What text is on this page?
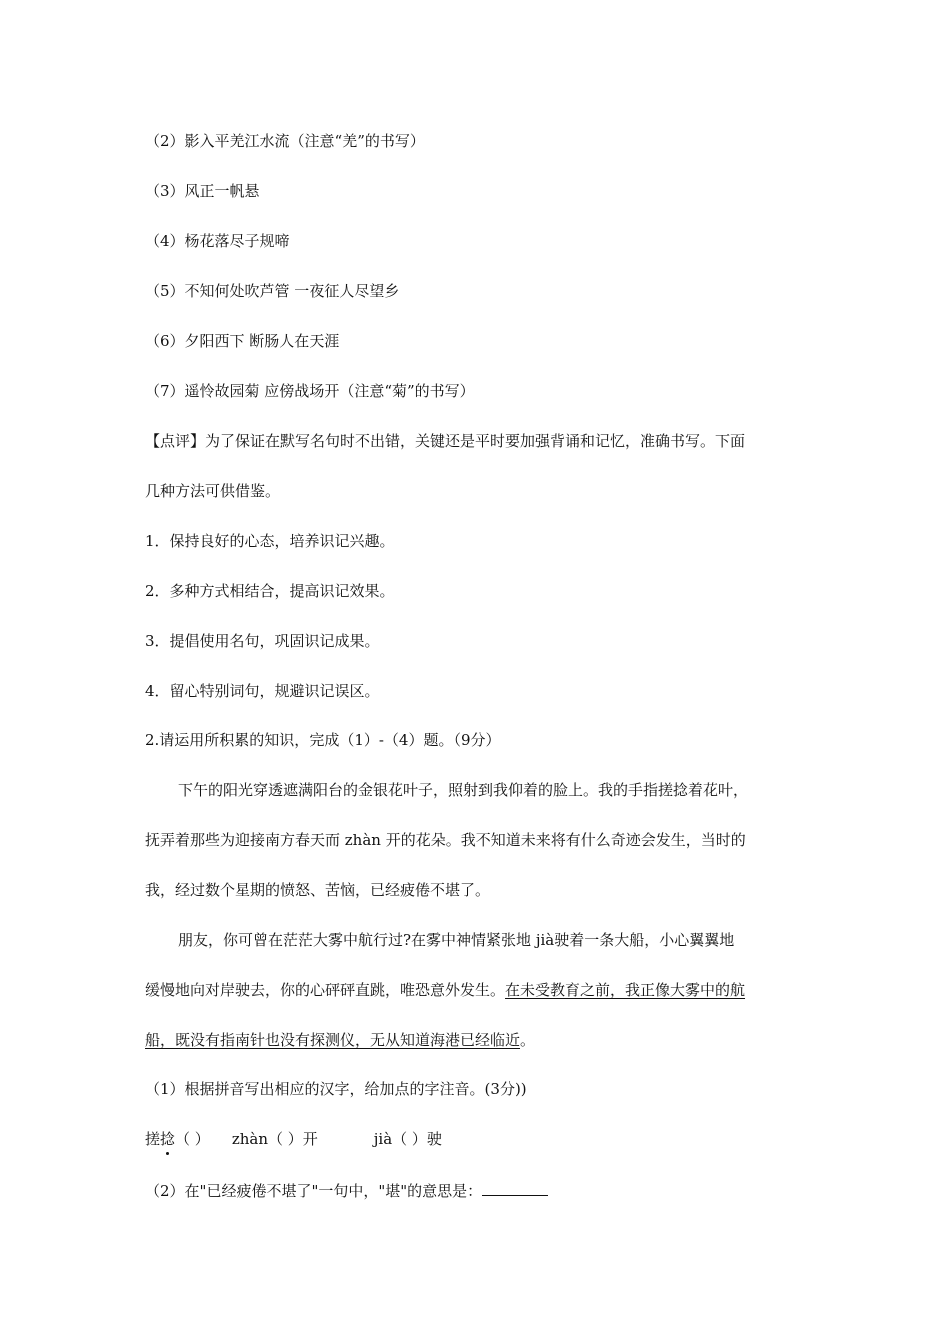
（2）影入平羌江水流（注意“羌”的书写）
（3）风正一帆悬
（4）杨花落尽子规啼
（5）不知何处吹芦管 一夜征人尽望乡
（6）夕阳西下 断肠人在天涯
（7）遥怜故园菊 应傍战场开（注意“菊”的书写）
【点评】为了保证在默写名句时不出错，关键还是平时要加强背诵和记忆，准确书写。下面
几种方法可供借鉴。
1．保持良好的心态，培养识记兴趣。
2．多种方式相结合，提高识记效果。
3．提倡使用名句，巩固识记成果。
4．留心特别词句，规避识记误区。
2.请运用所积累的知识，完成（1）-（4）题。（9分）
下午的阳光穿透遮满阳台的金银花叶子，照射到我仰着的脸上。我的手指搓捻着花叶，
抚弄着那些为迎接南方春天而 zhàn 开的花朵。我不知道未来将有什么奇迹会发生，当时的
我，经过数个星期的愤怒、苦恼，已经疲倦不堪了。
朋友，你可曾在茫茫大雾中航行过?在雾中神情紧张地 jià驶着一条大船，小心翼翼地
缓慢地向对岸驶去，你的心砰砰直跳，唯恐意外发生。在未受教育之前，我正像大雾中的航
船，既没有指南针也没有探测仪，无从知道海港已经临近。
（1）根据拼音写出相应的汉字，给加点的字注音。(3分))
搓捻（ ） zhàn（ ）开	jià（ ）驶
（2）在"已经疲倦不堪了"一句中，"堪"的意思是：
